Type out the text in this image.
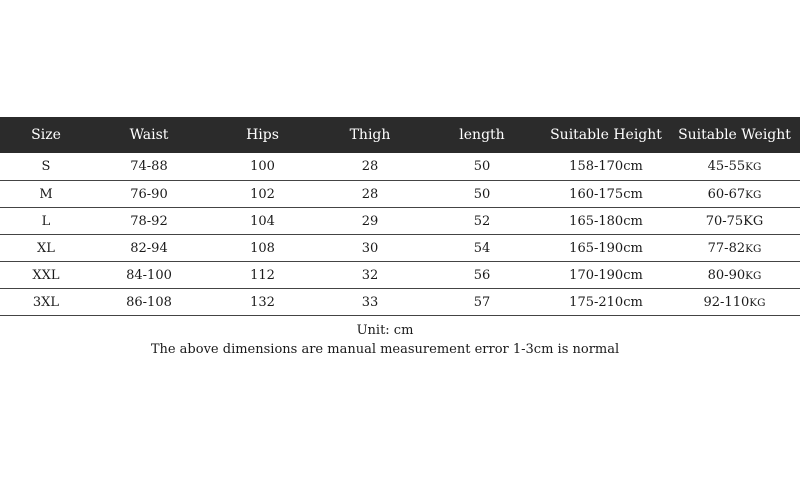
Size	Waist	Hips	Thigh	length	Suitable Height	Suitable Weight
S	74-88	100	28	50	158-170cm	45-55KG
M	76-90	102	28	50	160-175cm	60-67KG
L	78-92	104	29	52	165-180cm	70-75KG
XL	82-94	108	30	54	165-190cm	77-82KG
XXL	84-100	112	32	56	170-190cm	80-90KG
3XL	86-108	132	33	57	175-210cm	92-110KG
Unit: cm
The above dimensions are manual measurement error 1-3cm is normal
